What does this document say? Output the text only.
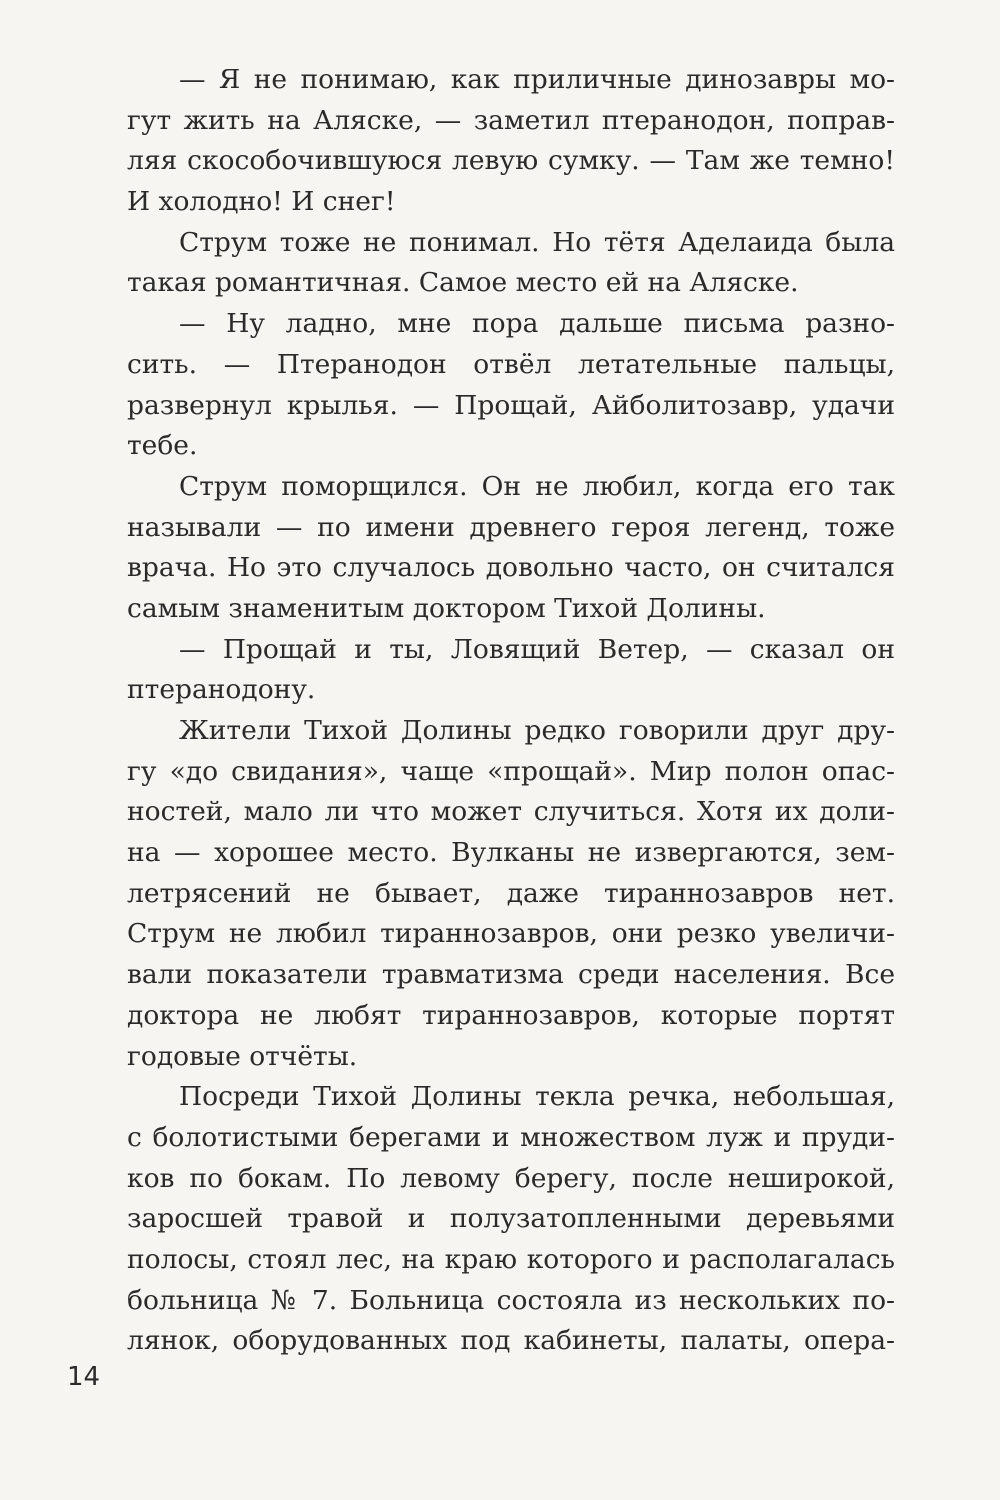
— Я не понимаю, как приличные динозавры мо-
гут жить на Аляске, — заметил птеранодон, поправ-
ляя скособочившуюся левую сумку. — Там же темно!
И холодно! И снег!
Струм тоже не понимал. Но тётя Аделаида была
такая романтичная. Самое место ей на Аляске.
— Ну ладно, мне пора дальше письма разно-
сить. — Птеранодон отвёл летательные пальцы,
развернул крылья. — Прощай, Айболитозавр, удачи
тебе.
Струм поморщился. Он не любил, когда его так
называли — по имени древнего героя легенд, тоже
врача. Но это случалось довольно часто, он считался
самым знаменитым доктором Тихой Долины.
— Прощай и ты, Ловящий Ветер, — сказал он
птеранодону.
Жители Тихой Долины редко говорили друг дру-
гу «до свидания», чаще «прощай». Мир полон опас-
ностей, мало ли что может случиться. Хотя их доли-
на — хорошее место. Вулканы не извергаются, зем-
летрясений не бывает, даже тираннозавров нет.
Струм не любил тираннозавров, они резко увеличи-
вали показатели травматизма среди населения. Все
доктора не любят тираннозавров, которые портят
годовые отчёты.
Посреди Тихой Долины текла речка, небольшая,
с болотистыми берегами и множеством луж и пруди-
ков по бокам. По левому берегу, после неширокой,
заросшей травой и полузатопленными деревьями
полосы, стоял лес, на краю которого и располагалась
больница № 7. Больница состояла из нескольких по-
лянок, оборудованных под кабинеты, палаты, опера-
14
